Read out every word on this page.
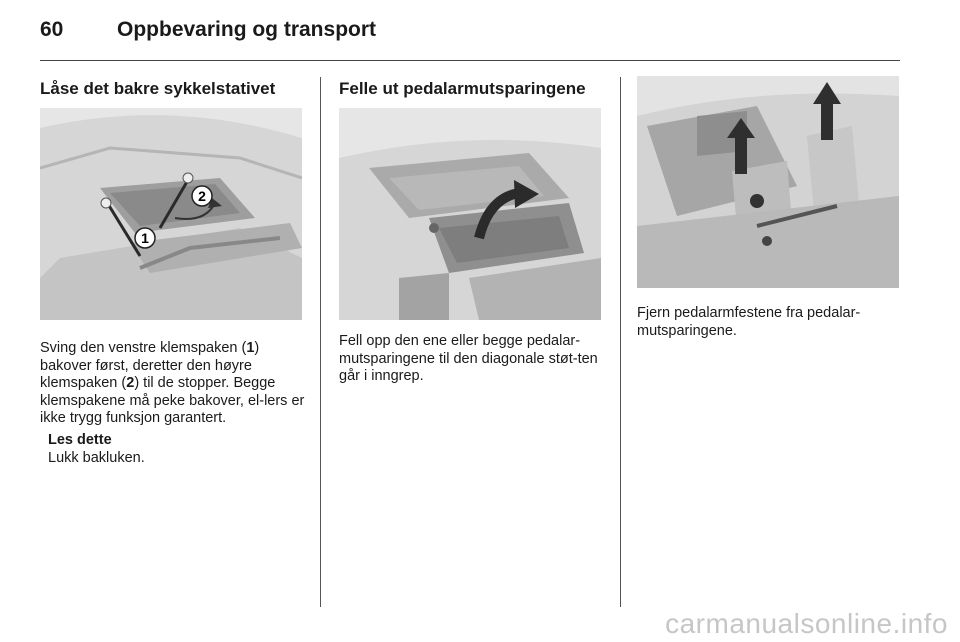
60	Oppbevaring og transport
Låse det bakre sykkelstativet
1
2

Sving den venstre klemspaken (1) bakover først, deretter den høyre klemspaken (2) til de stopper. Begge klemspakene må peke bakover, el-lers er ikke trygg funksjon garantert.

Les dette
Lukk bakluken.
Felle ut pedalarmutsparingene
Fell opp den ene eller begge pedalar-mutsparingene til den diagonale støt-ten går i inngrep.
Fjern pedalarmfestene fra pedalar-mutsparingene.
carmanualsonline.info
